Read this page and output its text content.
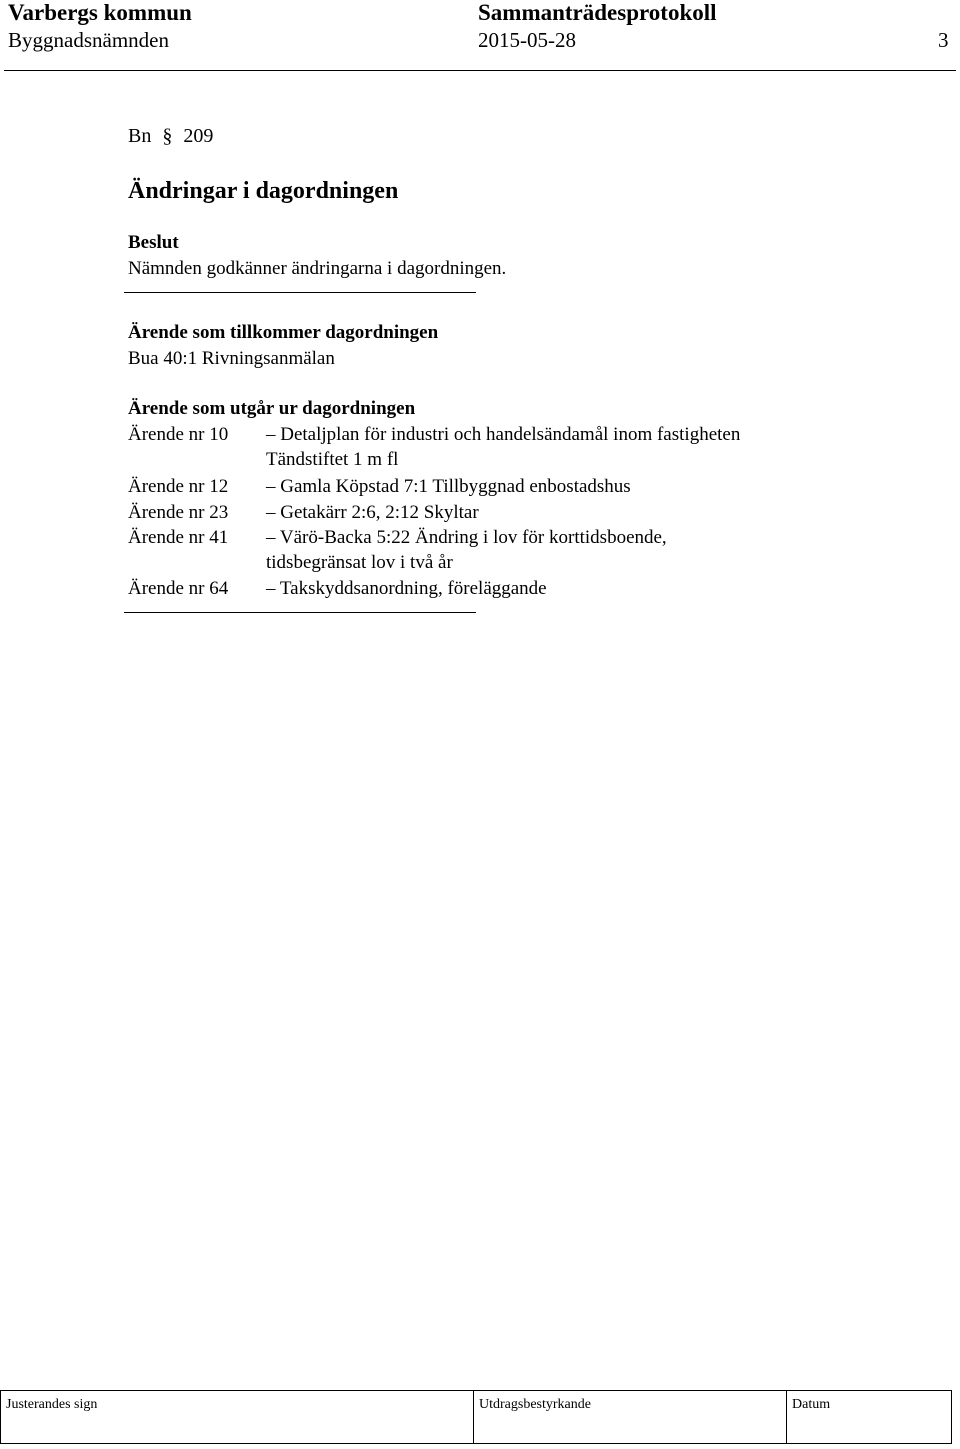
Varbergs kommun	Sammanträdesprotokoll
Byggnadsnämnden	2015-05-28	3
Bn § 209
Ändringar i dagordningen
Beslut
Nämnden godkänner ändringarna i dagordningen.
Ärende som tillkommer dagordningen
Bua 40:1 Rivningsanmälan
Ärende som utgår ur dagordningen
Ärende nr 10 – Detaljplan för industri och handelsändamål inom fastigheten
Tändstiftet 1 m fl
Ärende nr 12 – Gamla Köpstad 7:1 Tillbyggnad enbostadshus
Ärende nr 23 – Getakärr 2:6, 2:12 Skyltar
Ärende nr 41 – Värö-Backa 5:22 Ändring i lov för korttidsboende,
tidsbegränsat lov i två år
Ärende nr 64 – Takskyddsanordning, föreläggande
Justerandes sign	Utdragsbestyrkande	Datum
